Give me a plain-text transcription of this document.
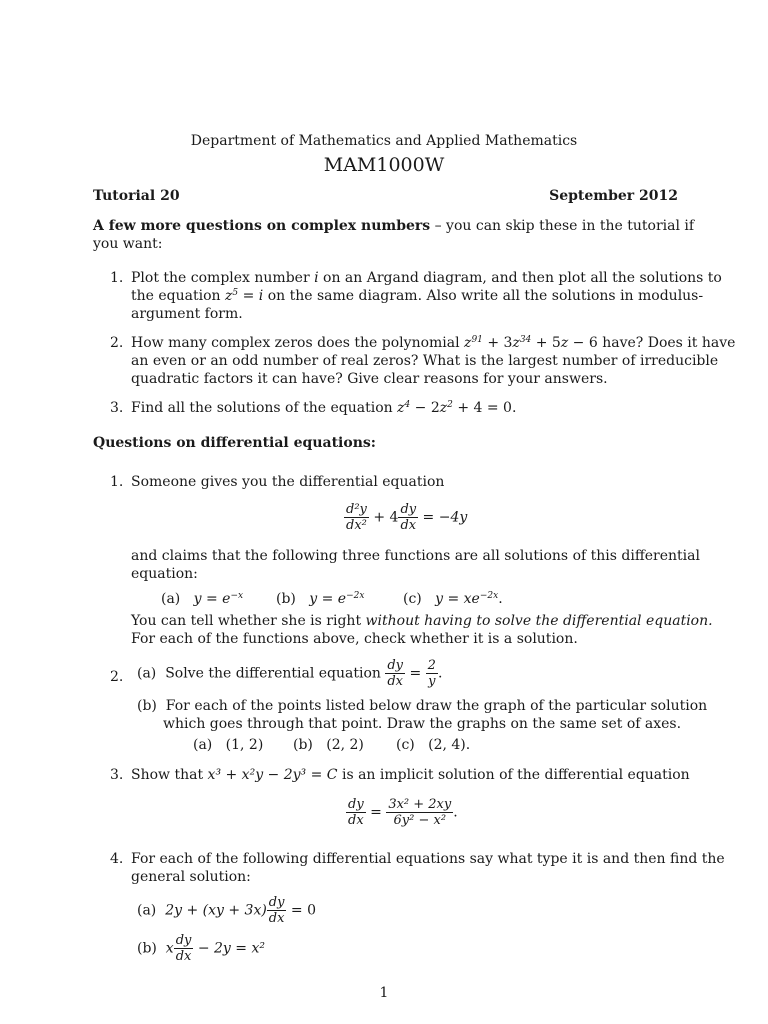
Department of Mathematics and Applied Mathematics
MAM1000W
Tutorial 20	September 2012
A few more questions on complex numbers – you can skip these in the tutorial if
you want:
1. Plot the complex number i on an Argand diagram, and then plot all the solutions to
the equation $z^5 = i$ on the same diagram. Also write all the solutions in modulus-
argument form.
2. How many complex zeros does the polynomial $z^{91} + 3z^{34} + 5z - 6$ have? Does it have
an even or an odd number of real zeros? What is the largest number of irreducible
quadratic factors it can have? Give clear reasons for your answers.
3. Find all the solutions of the equation $z^4 - 2z^2 + 4 = 0$.
Questions on differential equations:
1. Someone gives you the differential equation
$\frac{\text{d²y}}{\text{dx²}} + 4 \frac{dy}{dx} = -4y$
and claims that the following three functions are all solutions of this differential
equation:
(a) $y = e^{-x}$ (b) $y = e^{-2x}$	(c) $y = xe^{-2x}$.
You can tell whether she is right without having to solve the differential equation.
For each of the functions above, check whether it is a solution.
2. (a) Solve the differential equation $\frac{dy}{dx} = \frac{2}{y}$ .
(b) For each of the points listed below draw the graph of the particular solution
which goes through that point. Draw the graphs on the same set of axes.
(a) (1, 2) (b) (2, 2) (c) (2, 4).
3. Show that x³ + x²y − 2y³ = C is an implicit solution of the differential equation
$\frac{dy}{dx} = \frac{\text{3x² + 2xy}}{\text{6y² − x²}}$ .
4. For each of the following differential equations say what type it is and then find the
general solution:
(a) $2y + (xy + 3x) \frac{dy}{dx} = 0$
(b) x $\frac{dy}{dx} - 2y = x^2$
1
